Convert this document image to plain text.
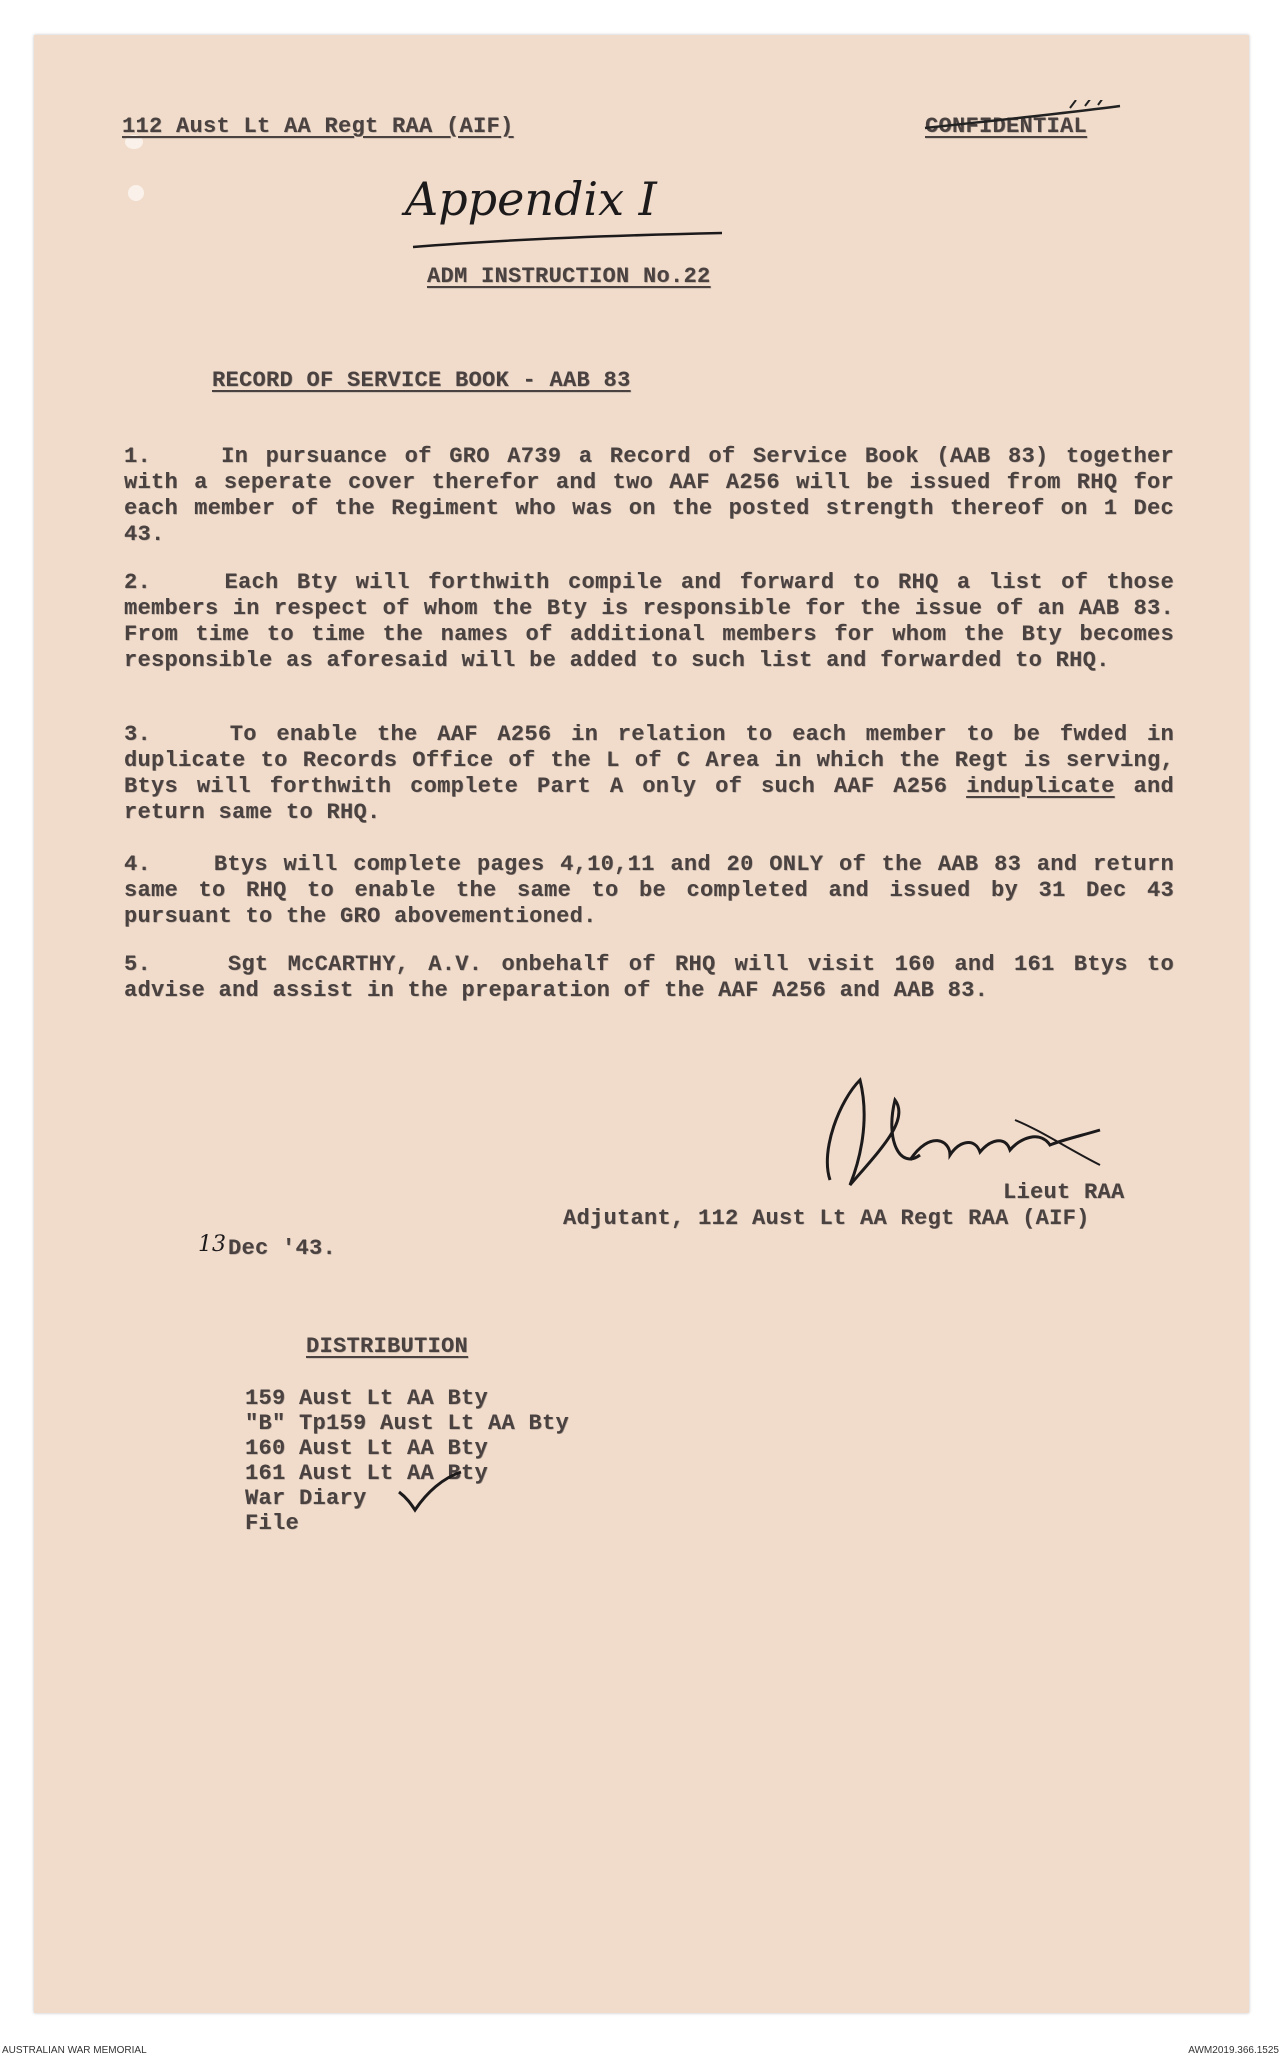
112 Aust Lt AA Regt RAA (AIF)	CONFIDENTIAL
Appendix I
ADM INSTRUCTION No.22
RECORD OF SERVICE BOOK - AAB 83
1.	In pursuance of GRO A739 a Record of Service Book (AAB 83) together with a seperate cover therefor and two AAF A256 will be issued from RHQ for each member of the Regiment who was on the posted strength thereof on 1 Dec 43.
2.	Each Bty will forthwith compile and forward to RHQ a list of those members in respect of whom the Bty is responsible for the issue of an AAB 83. From time to time the names of additional members for whom the Bty becomes responsible as aforesaid will be added to such list and forwarded to RHQ.
3.	To enable the AAF A256 in relation to each member to be fwded in duplicate to Records Office of the L of C Area in which the Regt is serving, Btys will forthwith complete Part A only of such AAF A256 induplicate and return same to RHQ.
4.	Btys will complete pages 4,10,11 and 20 ONLY of the AAB 83 and return same to RHQ to enable the same to be completed and issued by 31 Dec 43 pursuant to the GRO abovementioned.
5.	Sgt McCARTHY, A.V. onbehalf of RHQ will visit 160 and 161 Btys to advise and assist in the preparation of the AAF A256 and AAB 83.
Lieut RAA
Adjutant, 112 Aust Lt AA Regt RAA (AIF)
13 Dec '43.
DISTRIBUTION
159 Aust Lt AA Bty
"B" Tp159 Aust Lt AA Bty
160 Aust Lt AA Bty
161 Aust Lt AA Bty
War Diary
File
AUSTRALIAN WAR MEMORIAL	AWM2019.366.1525
